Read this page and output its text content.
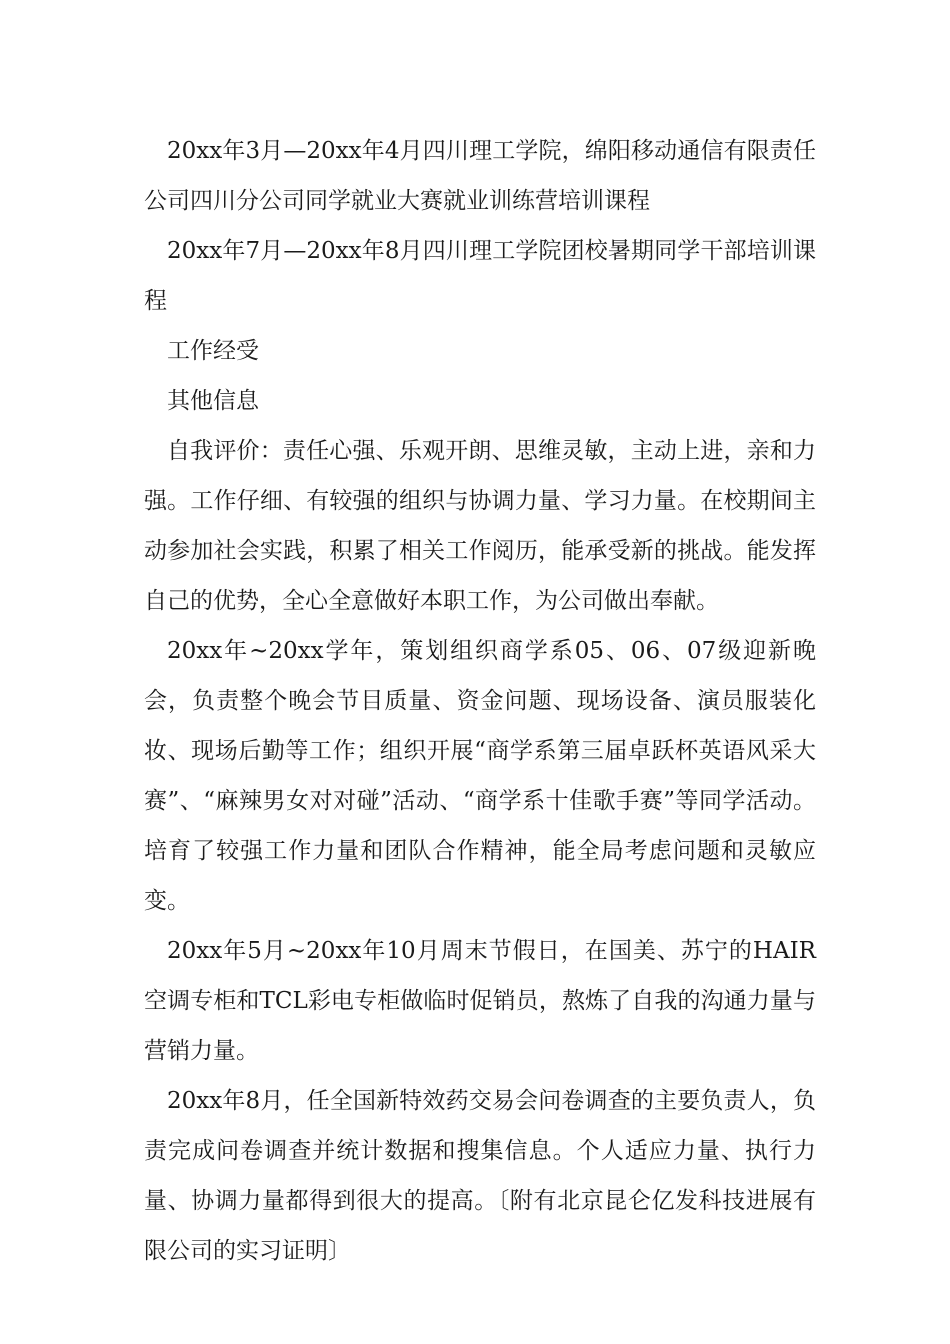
20xx年3月—20xx年4月四川理工学院，绵阳移动通信有限责任公司四川分公司同学就业大赛就业训练营培训课程

20xx年7月—20xx年8月四川理工学院团校暑期同学干部培训课程

工作经受

其他信息

自我评价：责任心强、乐观开朗、思维灵敏，主动上进，亲和力强。工作仔细、有较强的组织与协调力量、学习力量。在校期间主动参加社会实践，积累了相关工作阅历，能承受新的挑战。能发挥自己的优势，全心全意做好本职工作，为公司做出奉献。

20xx年~20xx学年，策划组织商学系05、06、07级迎新晚会，负责整个晚会节目质量、资金问题、现场设备、演员服装化妆、现场后勤等工作；组织开展“商学系第三届卓跃杯英语风采大赛”、“麻辣男女对对碰”活动、“商学系十佳歌手赛”等同学活动。培育了较强工作力量和团队合作精神，能全局考虑问题和灵敏应变。

20xx年5月~20xx年10月周末节假日，在国美、苏宁的HAIR空调专柜和TCL彩电专柜做临时促销员，熬炼了自我的沟通力量与营销力量。

20xx年8月，任全国新特效药交易会问卷调查的主要负责人，负责完成问卷调查并统计数据和搜集信息。个人适应力量、执行力量、协调力量都得到很大的提高。〔附有北京昆仑亿发科技进展有限公司的实习证明〕
